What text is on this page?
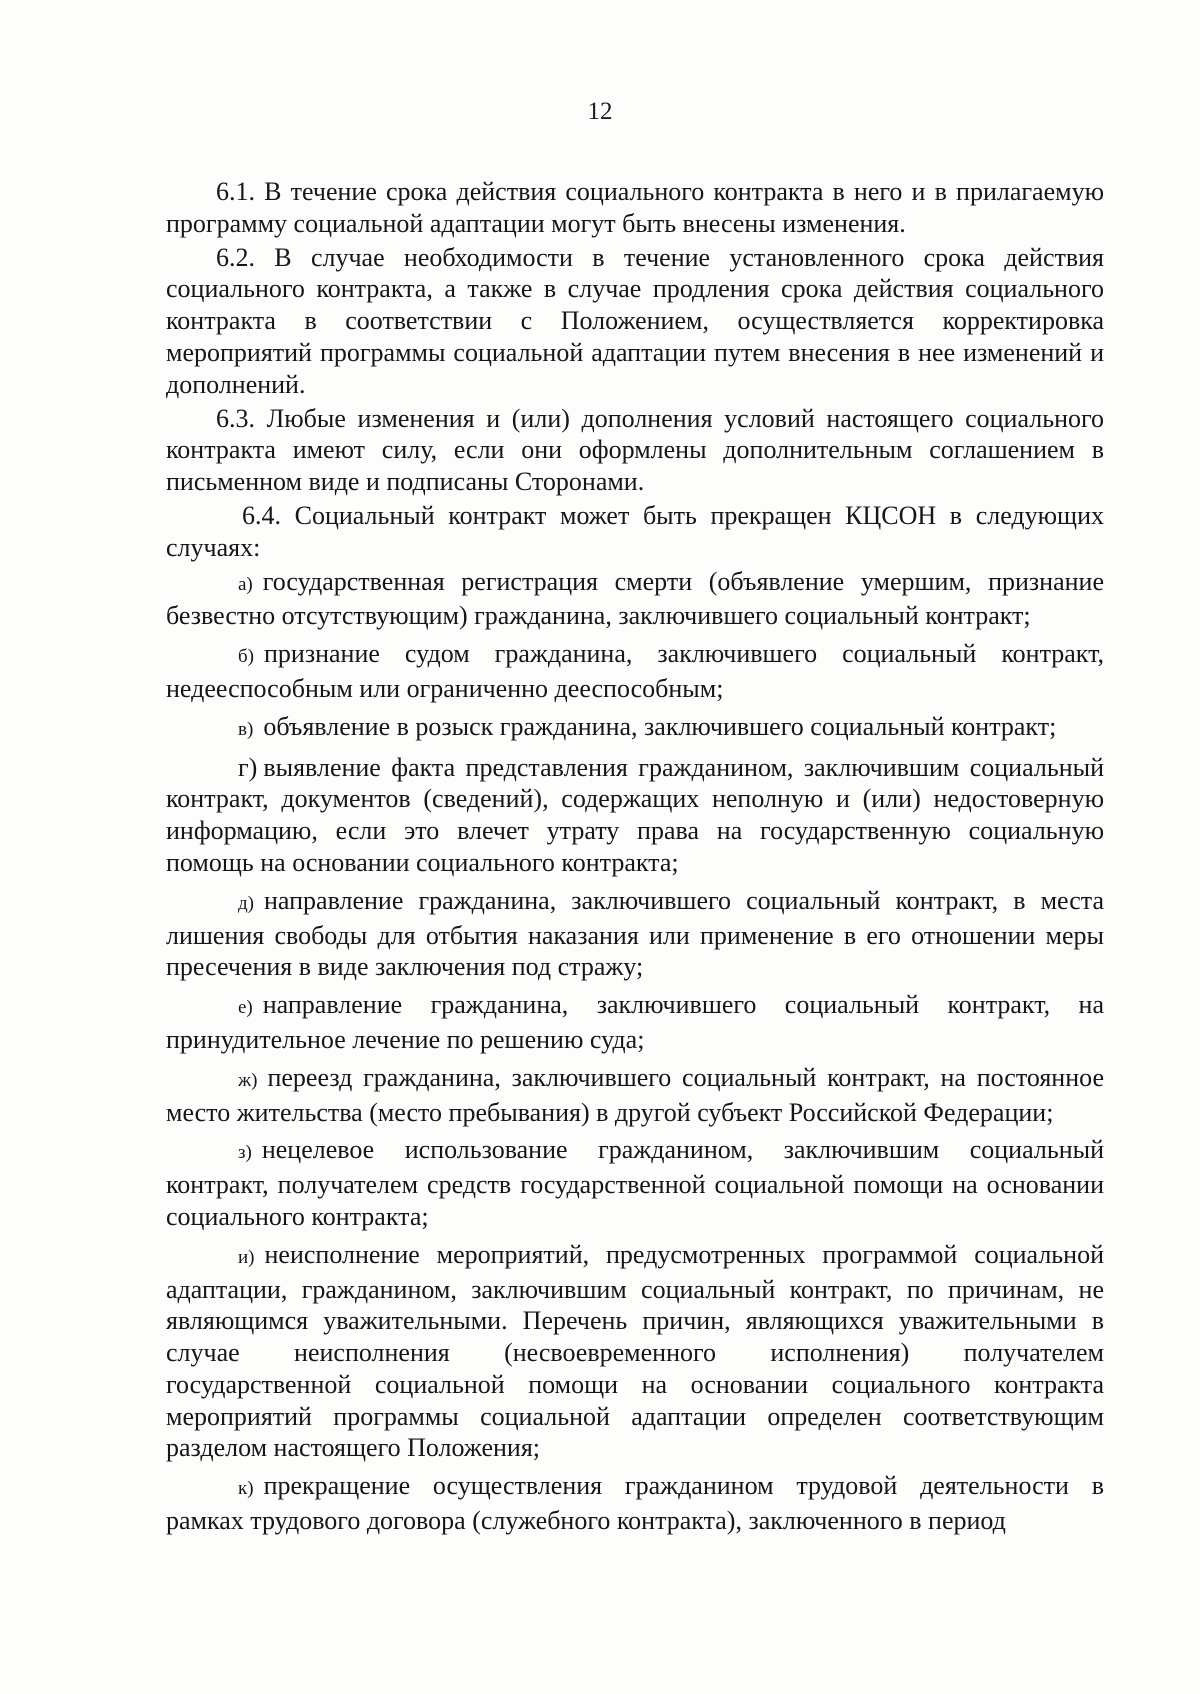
12

6.1. В течение срока действия социального контракта в него и в прилагаемую программу социальной адаптации могут быть внесены изменения.

6.2. В случае необходимости в течение установленного срока действия социального контракта, а также в случае продления срока действия социального контракта в соответствии с Положением, осуществляется корректировка мероприятий программы социальной адаптации путем внесения в нее изменений и дополнений.

6.3. Любые изменения и (или) дополнения условий настоящего социального контракта имеют силу, если они оформлены дополнительным соглашением в письменном виде и подписаны Сторонами.

6.4. Социальный контракт может быть прекращен КЦСОН в следующих случаях:

а) государственная регистрация смерти (объявление умершим, признание безвестно отсутствующим) гражданина, заключившего социальный контракт;

б) признание судом гражданина, заключившего социальный контракт, недееспособным или ограниченно дееспособным;

в) объявление в розыск гражданина, заключившего социальный контракт;

г) выявление факта представления гражданином, заключившим социальный контракт, документов (сведений), содержащих неполную и (или) недостоверную информацию, если это влечет утрату права на государственную социальную помощь на основании социального контракта;

д) направление гражданина, заключившего социальный контракт, в места лишения свободы для отбытия наказания или применение в его отношении меры пресечения в виде заключения под стражу;

е) направление гражданина, заключившего социальный контракт, на принудительное лечение по решению суда;

ж) переезд гражданина, заключившего социальный контракт, на постоянное место жительства (место пребывания) в другой субъект Российской Федерации;

з) нецелевое использование гражданином, заключившим социальный контракт, получателем средств государственной социальной помощи на основании социального контракта;

и) неисполнение мероприятий, предусмотренных программой социальной адаптации, гражданином, заключившим социальный контракт, по причинам, не являющимся уважительными. Перечень причин, являющихся уважительными в случае неисполнения (несвоевременного исполнения) получателем государственной социальной помощи на основании социального контракта мероприятий программы социальной адаптации определен соответствующим разделом настоящего Положения;

к) прекращение осуществления гражданином трудовой деятельности в рамках трудового договора (служебного контракта), заключенного в период
